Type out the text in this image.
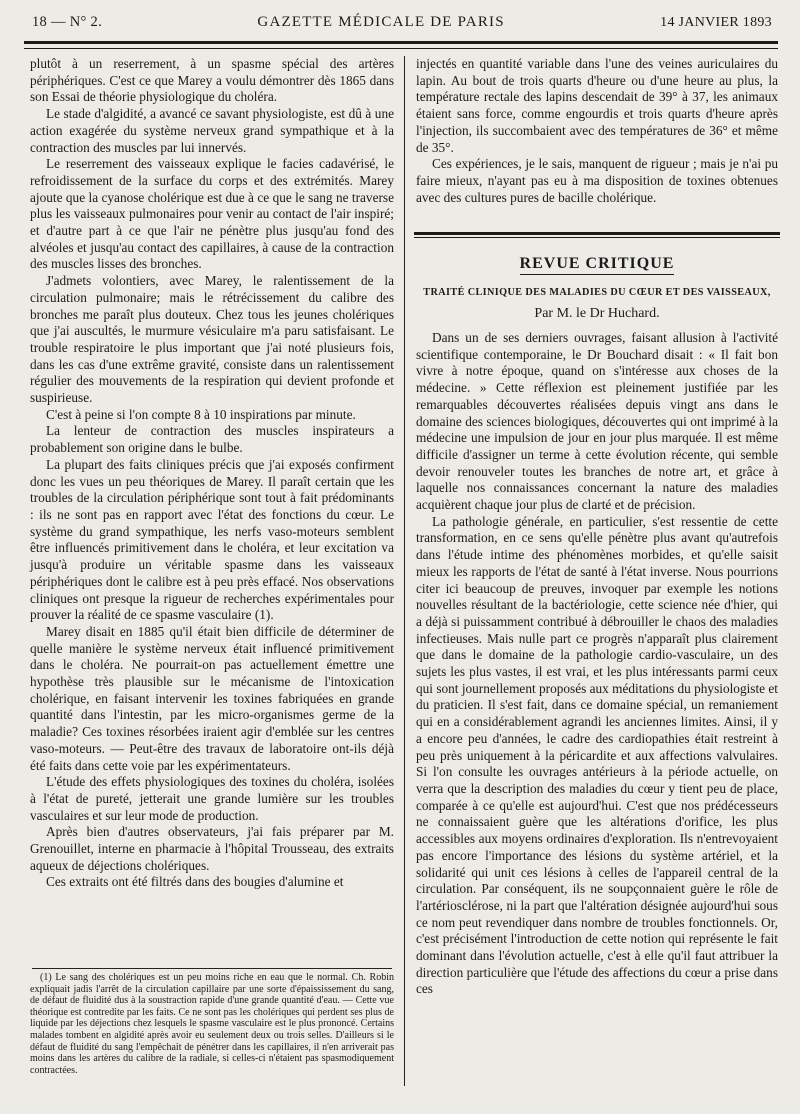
18 — N° 2.	GAZETTE MÉDICALE DE PARIS	14 JANVIER 1893

plutôt à un reserrement, à un spasme spécial des artères périphériques. C'est ce que Marey a voulu démontrer dès 1865 dans son Essai de théorie physiologique du choléra.

Le stade d'algidité, a avancé ce savant physiologiste, est dû à une action exagérée du système nerveux grand sympathique et à la contraction des muscles par lui innervés.

Le reserrement des vaisseaux explique le facies cadavérisé, le refroidissement de la surface du corps et des extrémités. Marey ajoute que la cyanose cholérique est due à ce que le sang ne traverse plus les vaisseaux pulmonaires pour venir au contact de l'air inspiré; et d'autre part à ce que l'air ne pénètre plus jusqu'au fond des alvéoles et jusqu'au contact des capillaires, à cause de la contraction des muscles lisses des bronches.

J'admets volontiers, avec Marey, le ralentissement de la circulation pulmonaire; mais le rétrécissement du calibre des bronches me paraît plus douteux. Chez tous les jeunes cholériques que j'ai auscultés, le murmure vésiculaire m'a paru satisfaisant. Le trouble respiratoire le plus important que j'ai noté plusieurs fois, dans les cas d'une extrême gravité, consiste dans un ralentissement régulier des mouvements de la respiration qui devient profonde et suspirieuse.

C'est à peine si l'on compte 8 à 10 inspirations par minute.

La lenteur de contraction des muscles inspirateurs a probablement son origine dans le bulbe.

La plupart des faits cliniques précis que j'ai exposés confirment donc les vues un peu théoriques de Marey. Il paraît certain que les troubles de la circulation périphérique sont tout à fait prédominants : ils ne sont pas en rapport avec l'état des fonctions du cœur. Le système du grand sympathique, les nerfs vaso-moteurs semblent être influencés primitivement dans le choléra, et leur excitation va jusqu'à produire un véritable spasme dans les vaisseaux périphériques dont le calibre est à peu près effacé. Nos observations cliniques ont presque la rigueur de recherches expérimentales pour prouver la réalité de ce spasme vasculaire (1).

Marey disait en 1885 qu'il était bien difficile de déterminer de quelle manière le système nerveux était influencé primitivement dans le choléra. Ne pourrait-on pas actuellement émettre une hypothèse très plausible sur le mécanisme de l'intoxication cholérique, en faisant intervenir les toxines fabriquées en grande quantité dans l'intestin, par les micro-organismes germe de la maladie? Ces toxines résorbées iraient agir d'emblée sur les centres vaso-moteurs. — Peut-être des travaux de laboratoire ont-ils déjà été faits dans cette voie par les expérimentateurs.

L'étude des effets physiologiques des toxines du choléra, isolées à l'état de pureté, jetterait une grande lumière sur les troubles vasculaires et sur leur mode de production.

Après bien d'autres observateurs, j'ai fais préparer par M. Grenouillet, interne en pharmacie à l'hôpital Trousseau, des extraits aqueux de déjections cholériques.

Ces extraits ont été filtrés dans des bougies d'alumine et

(1) Le sang des cholériques est un peu moins riche en eau que le normal. Ch. Robin expliquait jadis l'arrêt de la circulation capillaire par une sorte d'épaississement du sang, de défaut de fluidité dus à la soustraction rapide d'une grande quantité d'eau. — Cette vue théorique est contredite par les faits. Ce ne sont pas les cholériques qui perdent ses plus de liquide par les déjections chez lesquels le spasme vasculaire est le plus prononcé. Certains malades tombent en algidité après avoir eu seulement deux ou trois selles. D'ailleurs si le défaut de fluidité du sang l'empêchait de pénétrer dans les capillaires, il n'en arriverait pas moins dans les artères du calibre de la radiale, si celles-ci n'étaient pas spasmodiquement contractées.

injectés en quantité variable dans l'une des veines auriculaires du lapin. Au bout de trois quarts d'heure ou d'une heure au plus, la température rectale des lapins descendait de 39° à 37, les animaux étaient sans force, comme engourdis et trois quarts d'heure après l'injection, ils succombaient avec des températures de 36° et même de 35°.

Ces expériences, je le sais, manquent de rigueur ; mais je n'ai pu faire mieux, n'ayant pas eu à ma disposition de toxines obtenues avec des cultures pures de bacille cholérique.

REVUE CRITIQUE
TRAITÉ CLINIQUE DES MALADIES DU CŒUR ET DES VAISSEAUX,
Par M. le Dr Huchard.

Dans un de ses derniers ouvrages, faisant allusion à l'activité scientifique contemporaine, le Dr Bouchard disait : « Il fait bon vivre à notre époque, quand on s'intéresse aux choses de la médecine. » Cette réflexion est pleinement justifiée par les remarquables découvertes réalisées depuis vingt ans dans le domaine des sciences biologiques, découvertes qui ont imprimé à la médecine une impulsion de jour en jour plus marquée. Il est même difficile d'assigner un terme à cette évolution récente, qui semble devoir renouveler toutes les branches de notre art, et grâce à laquelle nos connaissances concernant la nature des maladies acquièrent chaque jour plus de clarté et de précision.

La pathologie générale, en particulier, s'est ressentie de cette transformation, en ce sens qu'elle pénètre plus avant qu'autrefois dans l'étude intime des phénomènes morbides, et qu'elle saisit mieux les rapports de l'état de santé à l'état inverse. Nous pourrions citer ici beaucoup de preuves, invoquer par exemple les notions nouvelles résultant de la bactériologie, cette science née d'hier, qui a déjà si puissamment contribué à débrouiller le chaos des maladies infectieuses. Mais nulle part ce progrès n'apparaît plus clairement que dans le domaine de la pathologie cardio-vasculaire, un des sujets les plus vastes, il est vrai, et les plus intéressants parmi ceux qui sont journellement proposés aux méditations du physiologiste et du praticien. Il s'est fait, dans ce domaine spécial, un remaniement qui en a considérablement agrandi les anciennes limites. Ainsi, il y a encore peu d'années, le cadre des cardiopathies était restreint à peu près uniquement à la péricardite et aux affections valvulaires. Si l'on consulte les ouvrages antérieurs à la période actuelle, on verra que la description des maladies du cœur y tient peu de place, comparée à ce qu'elle est aujourd'hui. C'est que nos prédécesseurs ne connaissaient guère que les altérations d'orifice, les plus accessibles aux moyens ordinaires d'exploration. Ils n'entrevoyaient pas encore l'importance des lésions du système artériel, et la solidarité qui unit ces lésions à celles de l'appareil central de la circulation. Par conséquent, ils ne soupçonnaient guère le rôle de l'artériosclérose, ni la part que l'altération désignée aujourd'hui sous ce nom peut revendiquer dans nombre de troubles fonctionnels. Or, c'est précisément l'introduction de cette notion qui représente le fait dominant dans l'évolution actuelle, c'est à elle qu'il faut attribuer la direction particulière que l'étude des affections du cœur a prise dans ces
